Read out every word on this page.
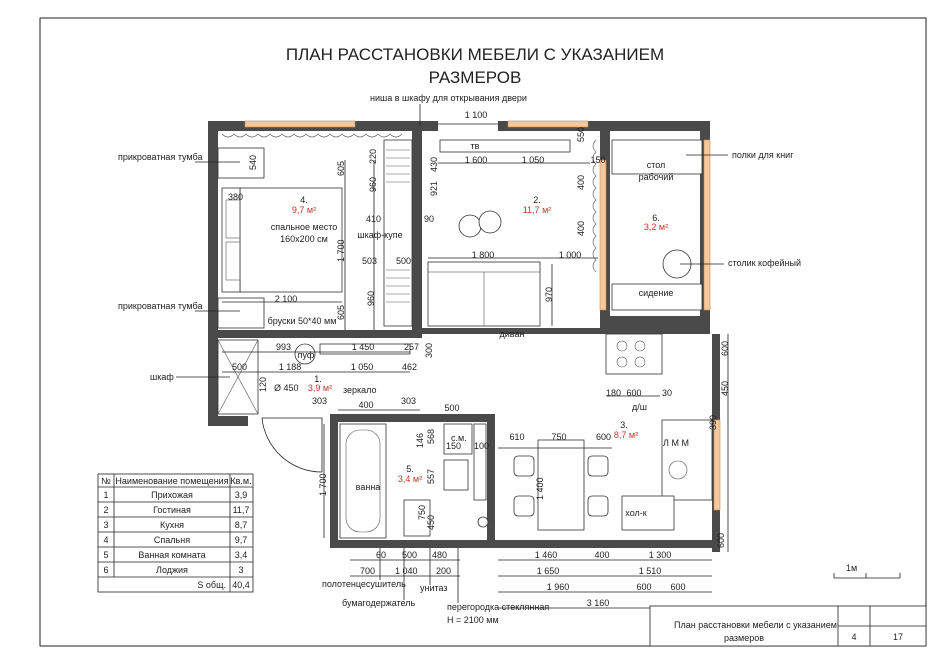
ПЛАН РАССТАНОВКИ МЕБЕЛИ С УКАЗАНИЕМ
РАЗМЕРОВ
4.
9,7 м²
спальное место
160х200 см
бруски 50*40 мм
шкаф-купе
тв
2.
11,7 м²
диван
ниша в шкафу для открывания двери
стол
рабочий
6.
3,2 м²
сидение
полки для книг
столик кофейный
пуф
1.
3,9 м²
шкаф
Ø 450	зеркало
прикроватная тумба
прикроватная тумба
ванна
с.м.
5.
3,4 м²
хол-к
Л М М
д/ш
3.
8,7 м²
1 100
1 600	1 050	150
550
540	605
220
960	921
430
410	90
380
1 700 503 500
1 800	1 000
970
400
400
960
605
2 100
993	1 450	257 300
1 188	1 050	462
500
120
303	303
400	500
600
450
390
180 600 30
610	750	600
1 400
1 700
146 568
150 100
557
750
450
700 1 040
60 500 480
200
600
1 460	400	1 300
1 650	1 510
1 960	600 600
3 160
полотенцесушитель унитаз
бумагодержатель	перегородка стеклянная
H = 2100 мм
1м
№ Наименование помещения Кв.м.
1	Прихожая	3,9
2	Гостиная	11,7
3	Кухня	8,7
4	Спальня	9,7
5	Ванная комната	3,4
6	Лоджия	3
S общ. 40,4
План расстановки мебели с указанием
размеров	4	17
